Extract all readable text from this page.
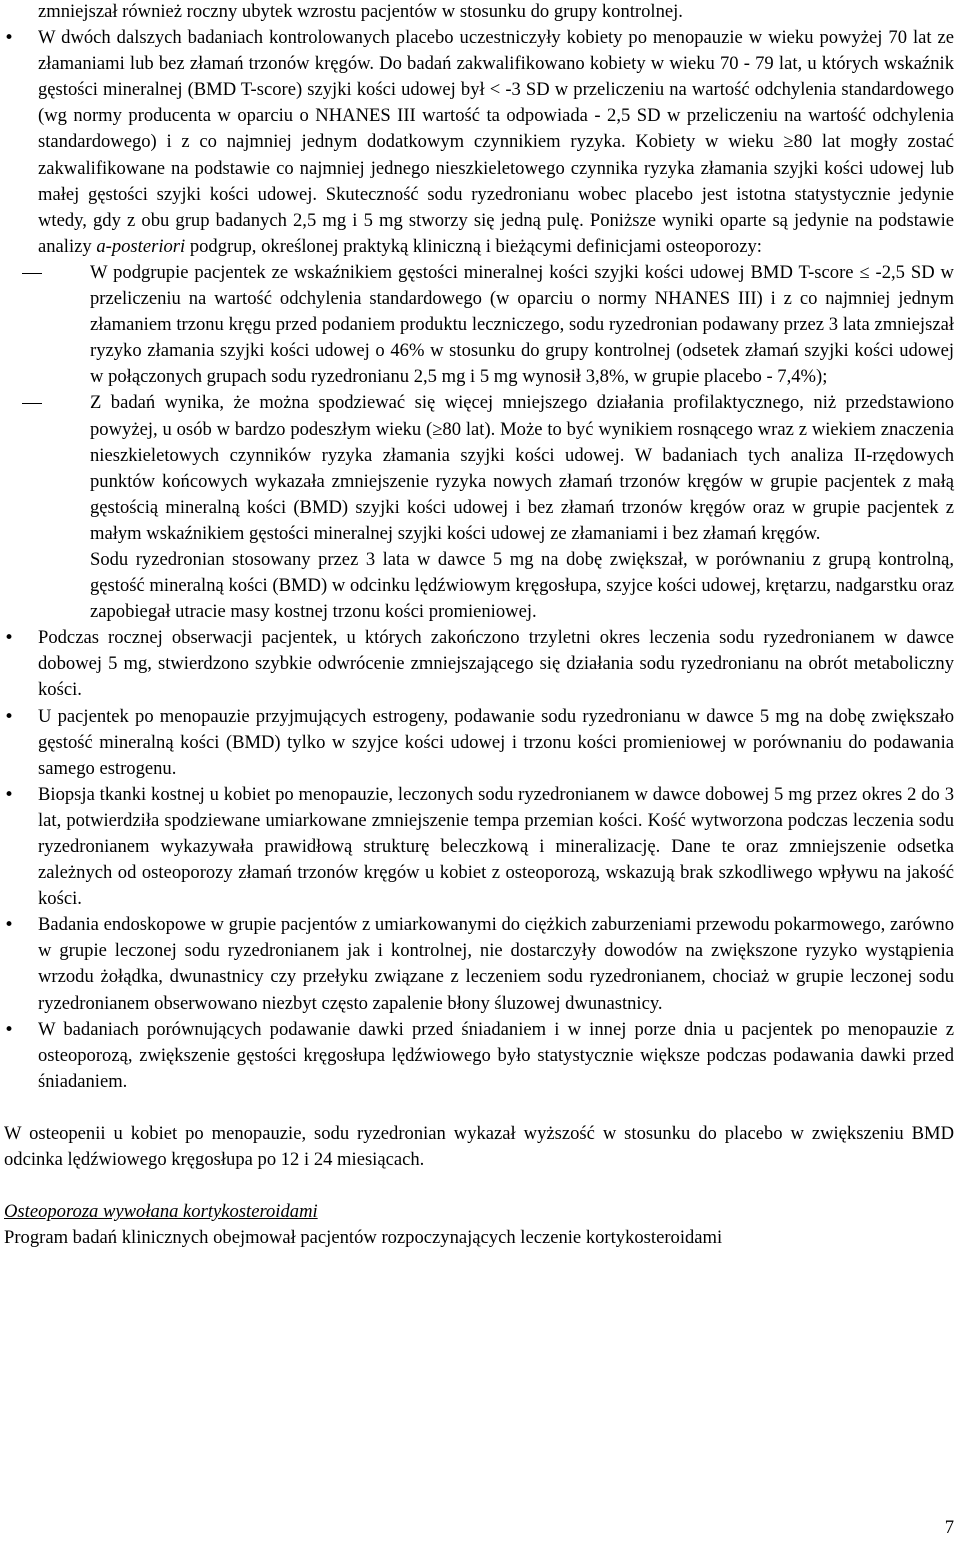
zmniejszał również roczny ubytek wzrostu pacjentów w stosunku do grupy kontrolnej.
• W dwóch dalszych badaniach kontrolowanych placebo uczestniczyły kobiety po menopauzie w wieku powyżej 70 lat ze złamaniami lub bez złamań trzonów kręgów. Do badań zakwalifikowano kobiety w wieku 70 - 79 lat, u których wskaźnik gęstości mineralnej (BMD T-score) szyjki kości udowej był < -3 SD w przeliczeniu na wartość odchylenia standardowego (wg normy producenta w oparciu o NHANES III wartość ta odpowiada - 2,5 SD w przeliczeniu na wartość odchylenia standardowego) i z co najmniej jednym dodatkowym czynnikiem ryzyka. Kobiety w wieku ≥80 lat mogły zostać zakwalifikowane na podstawie co najmniej jednego nieszkieletowego czynnika ryzyka złamania szyjki kości udowej lub małej gęstości szyjki kości udowej. Skuteczność sodu ryzedronianu wobec placebo jest istotna statystycznie jedynie wtedy, gdy z obu grup badanych 2,5 mg i 5 mg stworzy się jedną pulę. Poniższe wyniki oparte są jedynie na podstawie analizy a-posteriori podgrup, określonej praktyką kliniczną i bieżącymi definicjami osteoporozy:
W podgrupie pacjentek ze wskaźnikiem gęstości mineralnej kości szyjki kości udowej BMD T-score ≤ -2,5 SD w przeliczeniu na wartość odchylenia standardowego (w oparciu o normy NHANES III) i z co najmniej jednym złamaniem trzonu kręgu przed podaniem produktu leczniczego, sodu ryzedronian podawany przez 3 lata zmniejszał ryzyko złamania szyjki kości udowej o 46% w stosunku do grupy kontrolnej (odsetek złamań szyjki kości udowej w połączonych grupach sodu ryzedronianu 2,5 mg i 5 mg wynosił 3,8%, w grupie placebo - 7,4%);
Z badań wynika, że można spodziewać się więcej mniejszego działania profilaktycznego, niż przedstawiono powyżej, u osób w bardzo podeszłym wieku (≥80 lat). Może to być wynikiem rosnącego wraz z wiekiem znaczenia nieszkieletowych czynników ryzyka złamania szyjki kości udowej. W badaniach tych analiza II-rzędowych punktów końcowych wykazała zmniejszenie ryzyka nowych złamań trzonów kręgów w grupie pacjentek z małą gęstością mineralną kości (BMD) szyjki kości udowej i bez złamań trzonów kręgów oraz w grupie pacjentek z małym wskaźnikiem gęstości mineralnej szyjki kości udowej ze złamaniami i bez złamań kręgów.

Sodu ryzedronian stosowany przez 3 lata w dawce 5 mg na dobę zwiększał, w porównaniu z grupą kontrolną, gęstość mineralną kości (BMD) w odcinku lędźwiowym kręgosłupa, szyjce kości udowej, krętarzu, nadgarstku oraz zapobiegał utracie masy kostnej trzonu kości promieniowej.

• Podczas rocznej obserwacji pacjentek, u których zakończono trzyletni okres leczenia sodu ryzedronianem w dawce dobowej 5 mg, stwierdzono szybkie odwrócenie zmniejszającego się działania sodu ryzedronianu na obrót metaboliczny kości.
• U pacjentek po menopauzie przyjmujących estrogeny, podawanie sodu ryzedronianu w dawce 5 mg na dobę zwiększało gęstość mineralną kości (BMD) tylko w szyjce kości udowej i trzonu kości promieniowej w porównaniu do podawania samego estrogenu.
• Biopsja tkanki kostnej u kobiet po menopauzie, leczonych sodu ryzedronianem w dawce dobowej 5 mg przez okres 2 do 3 lat, potwierdziła spodziewane umiarkowane zmniejszenie tempa przemian kości. Kość wytworzona podczas leczenia sodu ryzedronianem wykazywała prawidłową strukturę beleczkową i mineralizację. Dane te oraz zmniejszenie odsetka zależnych od osteoporozy złamań trzonów kręgów u kobiet z osteoporozą, wskazują brak szkodliwego wpływu na jakość kości.
• Badania endoskopowe w grupie pacjentów z umiarkowanymi do ciężkich zaburzeniami przewodu pokarmowego, zarówno w grupie leczonej sodu ryzedronianem jak i kontrolnej, nie dostarczyły dowodów na zwiększone ryzyko wystąpienia wrzodu żołądka, dwunastnicy czy przełyku związane z leczeniem sodu ryzedronianem, chociaż w grupie leczonej sodu ryzedronianem obserwowano niezbyt często zapalenie błony śluzowej dwunastnicy.
• W badaniach porównujących podawanie dawki przed śniadaniem i w innej porze dnia u pacjentek po menopauzie z osteoporozą, zwiększenie gęstości kręgosłupa lędźwiowego było statystycznie większe podczas podawania dawki przed śniadaniem.

W osteopenii u kobiet po menopauzie, sodu ryzedronian wykazał wyższość w stosunku do placebo w zwiększeniu BMD odcinka lędźwiowego kręgosłupa po 12 i 24 miesiącach.

Osteoporoza wywołana kortykosteroidami

Program badań klinicznych obejmował pacjentów rozpoczynających leczenie kortykosteroidami

7
